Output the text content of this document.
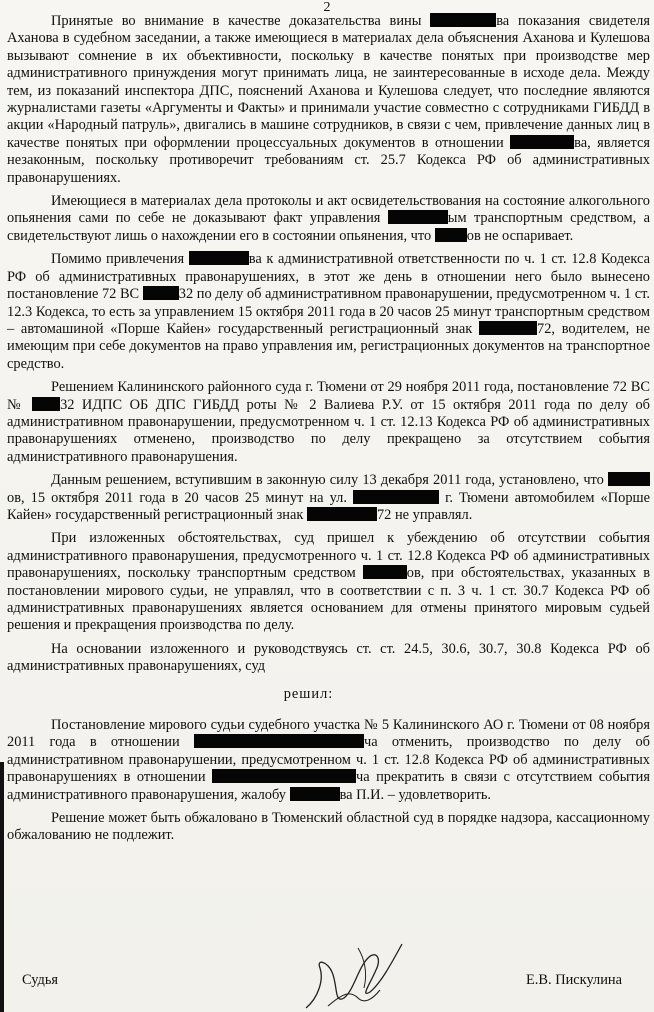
2

Принятые во внимание в качестве доказательства вины	ва показания свидетеля Аханова в судебном заседании, а также имеющиеся в материалах дела объяснения Аханова и Кулешова вызывают сомнение в их объективности, поскольку в качестве понятых при производстве мер административного принуждения могут принимать лица, не заинтересованные в исходе дела. Между тем, из показаний инспектора ДПС, пояснений Аханова и Кулешова следует, что последние являются журналистами газеты «Аргументы и Факты» и принимали участие совместно с сотрудниками ГИБДД в акции «Народный патруль», двигались в машине сотрудников, в связи с чем, привлечение данных лиц в качестве понятых при оформлении процессуальных документов в отношении	ва, является незаконным, поскольку противоречит требованиям ст. 25.7 Кодекса РФ об административных правонарушениях.

Имеющиеся в материалах дела протоколы и акт освидетельствования на состояние алкогольного опьянения сами по себе не доказывают факт управления	ым транспортным средством, а свидетельствуют лишь о нахождении его в состоянии опьянения, что ов не оспаривает.

Помимо привлечения	ва к административной ответственности по ч. 1 ст. 12.8 Кодекса РФ об административных правонарушениях, в этот же день в отношении него было вынесено постановление 72 ВС	32 по делу об административном правонарушении, предусмотренном ч. 1 ст. 12.3 Кодекса, то есть за управлением 15 октября 2011 года в 20 часов 25 минут транспортным средством – автомашиной «Порше Кайен» государственный регистрационный знак	72, водителем, не имеющим при себе документов на право управления им, регистрационных документов на транспортное средство.

Решением Калининского районного суда г. Тюмени от 29 ноября 2011 года, постановление 72 ВС № 32 ИДПС ОБ ДПС ГИБДД роты № 2 Валиева Р.У. от 15 октября 2011 года по делу об административном правонарушении, предусмотренном ч. 1 ст. 12.13 Кодекса РФ об административных правонарушениях отменено, производство по делу прекращено за отсутствием события административного правонарушения.

Данным решением, вступившим в законную силу 13 декабря 2011 года, установлено, что ов, 15 октября 2011 года в 20 часов 25 минут на ул.	г. Тюмени автомобилем «Порше Кайен» государственный регистрационный знак	72 не управлял.

При изложенных обстоятельствах, суд пришел к убеждению об отсутствии события административного правонарушения, предусмотренного ч. 1 ст. 12.8 Кодекса РФ об административных правонарушениях, поскольку транспортным средством	ов, при обстоятельствах, указанных в постановлении мирового судьи, не управлял, что в соответствии с п. 3 ч. 1 ст. 30.7 Кодекса РФ об административных правонарушениях является основанием для отмены принятого мировым судьей решения и прекращения производства по делу.

На основании изложенного и руководствуясь ст. ст. 24.5, 30.6, 30.7, 30.8 Кодекса РФ об административных правонарушениях, суд

решил:

Постановление мирового судьи судебного участка № 5 Калининского АО г. Тюмени от 08 ноября 2011 года в отношении	ча отменить, производство по делу об административном правонарушении, предусмотренном ч. 1 ст. 12.8 Кодекса РФ об административных правонарушениях в отношении	ча прекратить в связи с отсутствием события административного правонарушения, жалобу	ва П.И. – удовлетворить.

Решение может быть обжаловано в Тюменский областной суд в порядке надзора, кассационному обжалованию не подлежит.

Судья	Е.В. Пискулина
